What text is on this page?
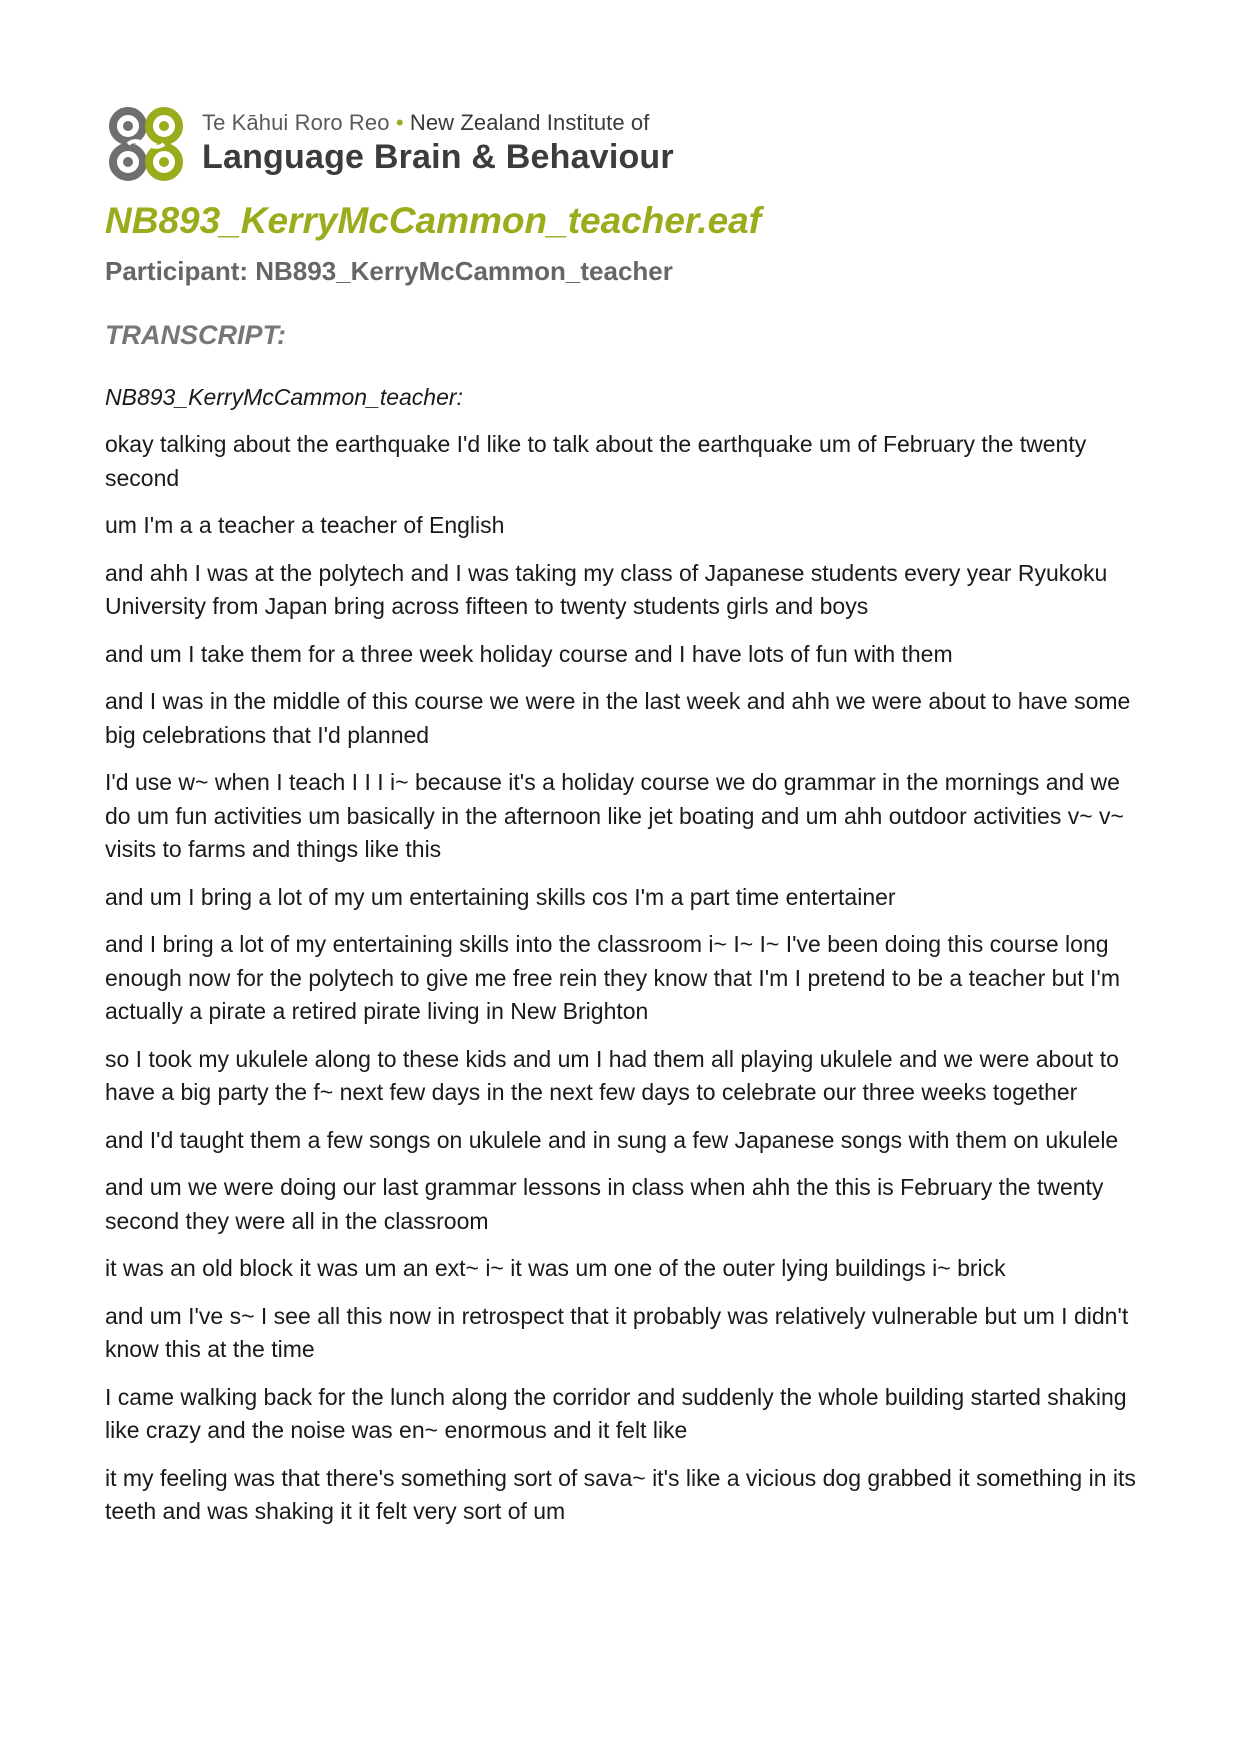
Te Kāhui Roro Reo • New Zealand Institute of
Language Brain & Behaviour
NB893_KerryMcCammon_teacher.eaf
Participant: NB893_KerryMcCammon_teacher
TRANSCRIPT:
NB893_KerryMcCammon_teacher:
okay talking about the earthquake I'd like to talk about the earthquake um of February the twenty second
um I'm a a teacher a teacher of English
and ahh I was at the polytech and I was taking my class of Japanese students every year Ryukoku University from Japan bring across fifteen to twenty students girls and boys
and um I take them for a three week holiday course and I have lots of fun with them
and I was in the middle of this course we were in the last week and ahh we were about to have some big celebrations that I'd planned
I'd use w~ when I teach I I I i~ because it's a holiday course we do grammar in the mornings and we do um fun activities um basically in the afternoon like jet boating and um ahh outdoor activities v~ v~ visits to farms and things like this
and um I bring a lot of my um entertaining skills cos I'm a part time entertainer
and I bring a lot of my entertaining skills into the classroom i~ I~ I~ I've been doing this course long enough now for the polytech to give me free rein they know that I'm I pretend to be a teacher but I'm actually a pirate a retired pirate living in New Brighton
so I took my ukulele along to these kids and um I had them all playing ukulele and we were about to have a big party the f~ next few days in the next few days to celebrate our three weeks together
and I'd taught them a few songs on ukulele and in sung a few Japanese songs with them on ukulele
and um we were doing our last grammar lessons in class when ahh the this is February the twenty second they were all in the classroom
it was an old block it was um an ext~ i~ it was um one of the outer lying buildings i~ brick
and um I've s~ I see all this now in retrospect that it probably was relatively vulnerable but um I didn't know this at the time
I came walking back for the lunch along the corridor and suddenly the whole building started shaking like crazy and the noise was en~ enormous and it felt like
it my feeling was that there's something sort of sava~ it's like a vicious dog grabbed it something in its teeth and was shaking it it felt very sort of um
